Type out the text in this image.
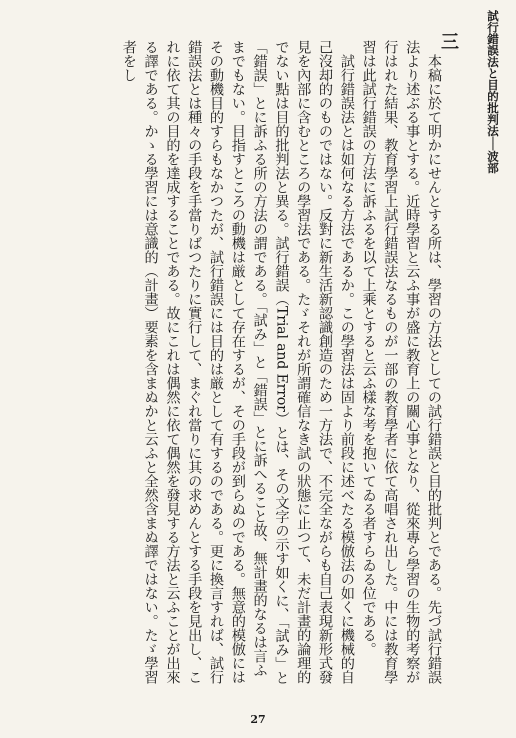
試行錯誤法と目的批判法──波部
三

本稿に於て明かにせんとする所は、學習の方法としての試行錯誤と目的批判とである。先づ試行錯誤法より述ぶる事とする。近時學習と云ふ事が盛に教育上の關心事となり、從來專ら學習の生物的考察が行はれた結果、教育學習上試行錯誤法なるものが一部の教育學者に依て高唱され出した。中には教育學習は此試行錯誤の方法に訴ふるを以て上乘とすると云ふ樣な考を抱いてゐる者すらゐる位である。

試行錯誤法とは如何なる方法であるか。この學習法は固より前段に述べたる模倣法の如くに機械的自己沒却的のものではない。反對に新生活新認識創造のため一方法で、不完全ながらも自己表現新形式發見を內部に含むところの學習法である。たゞそれが所謂確信なき試の狀態に止つて、未だ計畫的論理的でない點は目的批判法と異る。試行錯誤（Trial and Error）とは、その文字の示す如くに、「試み」と「錯誤」とに訴ふる所の方法の謂である。「試み」と「錯誤」とに訴へること故、無計畫的なるは言ふまでもない。目指すところの動機は厳として存在するが、その手段が到らぬのである。無意的模倣にはその動機目的すらもなかつたが、試行錯誤には目的は厳として有するのである。更に換言すれば、試行錯誤法とは種々の手段を手當りばつたりに實行して、まぐれ當りに其の求めんとする手段を見出し、これに依て其の目的を達成することである。故にこれは偶然に依て偶然を發見する方法と云ふことが出來る譯である。かゝる學習には意識的（計畫）要素を含まぬかと云ふと全然含まぬ譯ではない。たゞ學習者をし

27
